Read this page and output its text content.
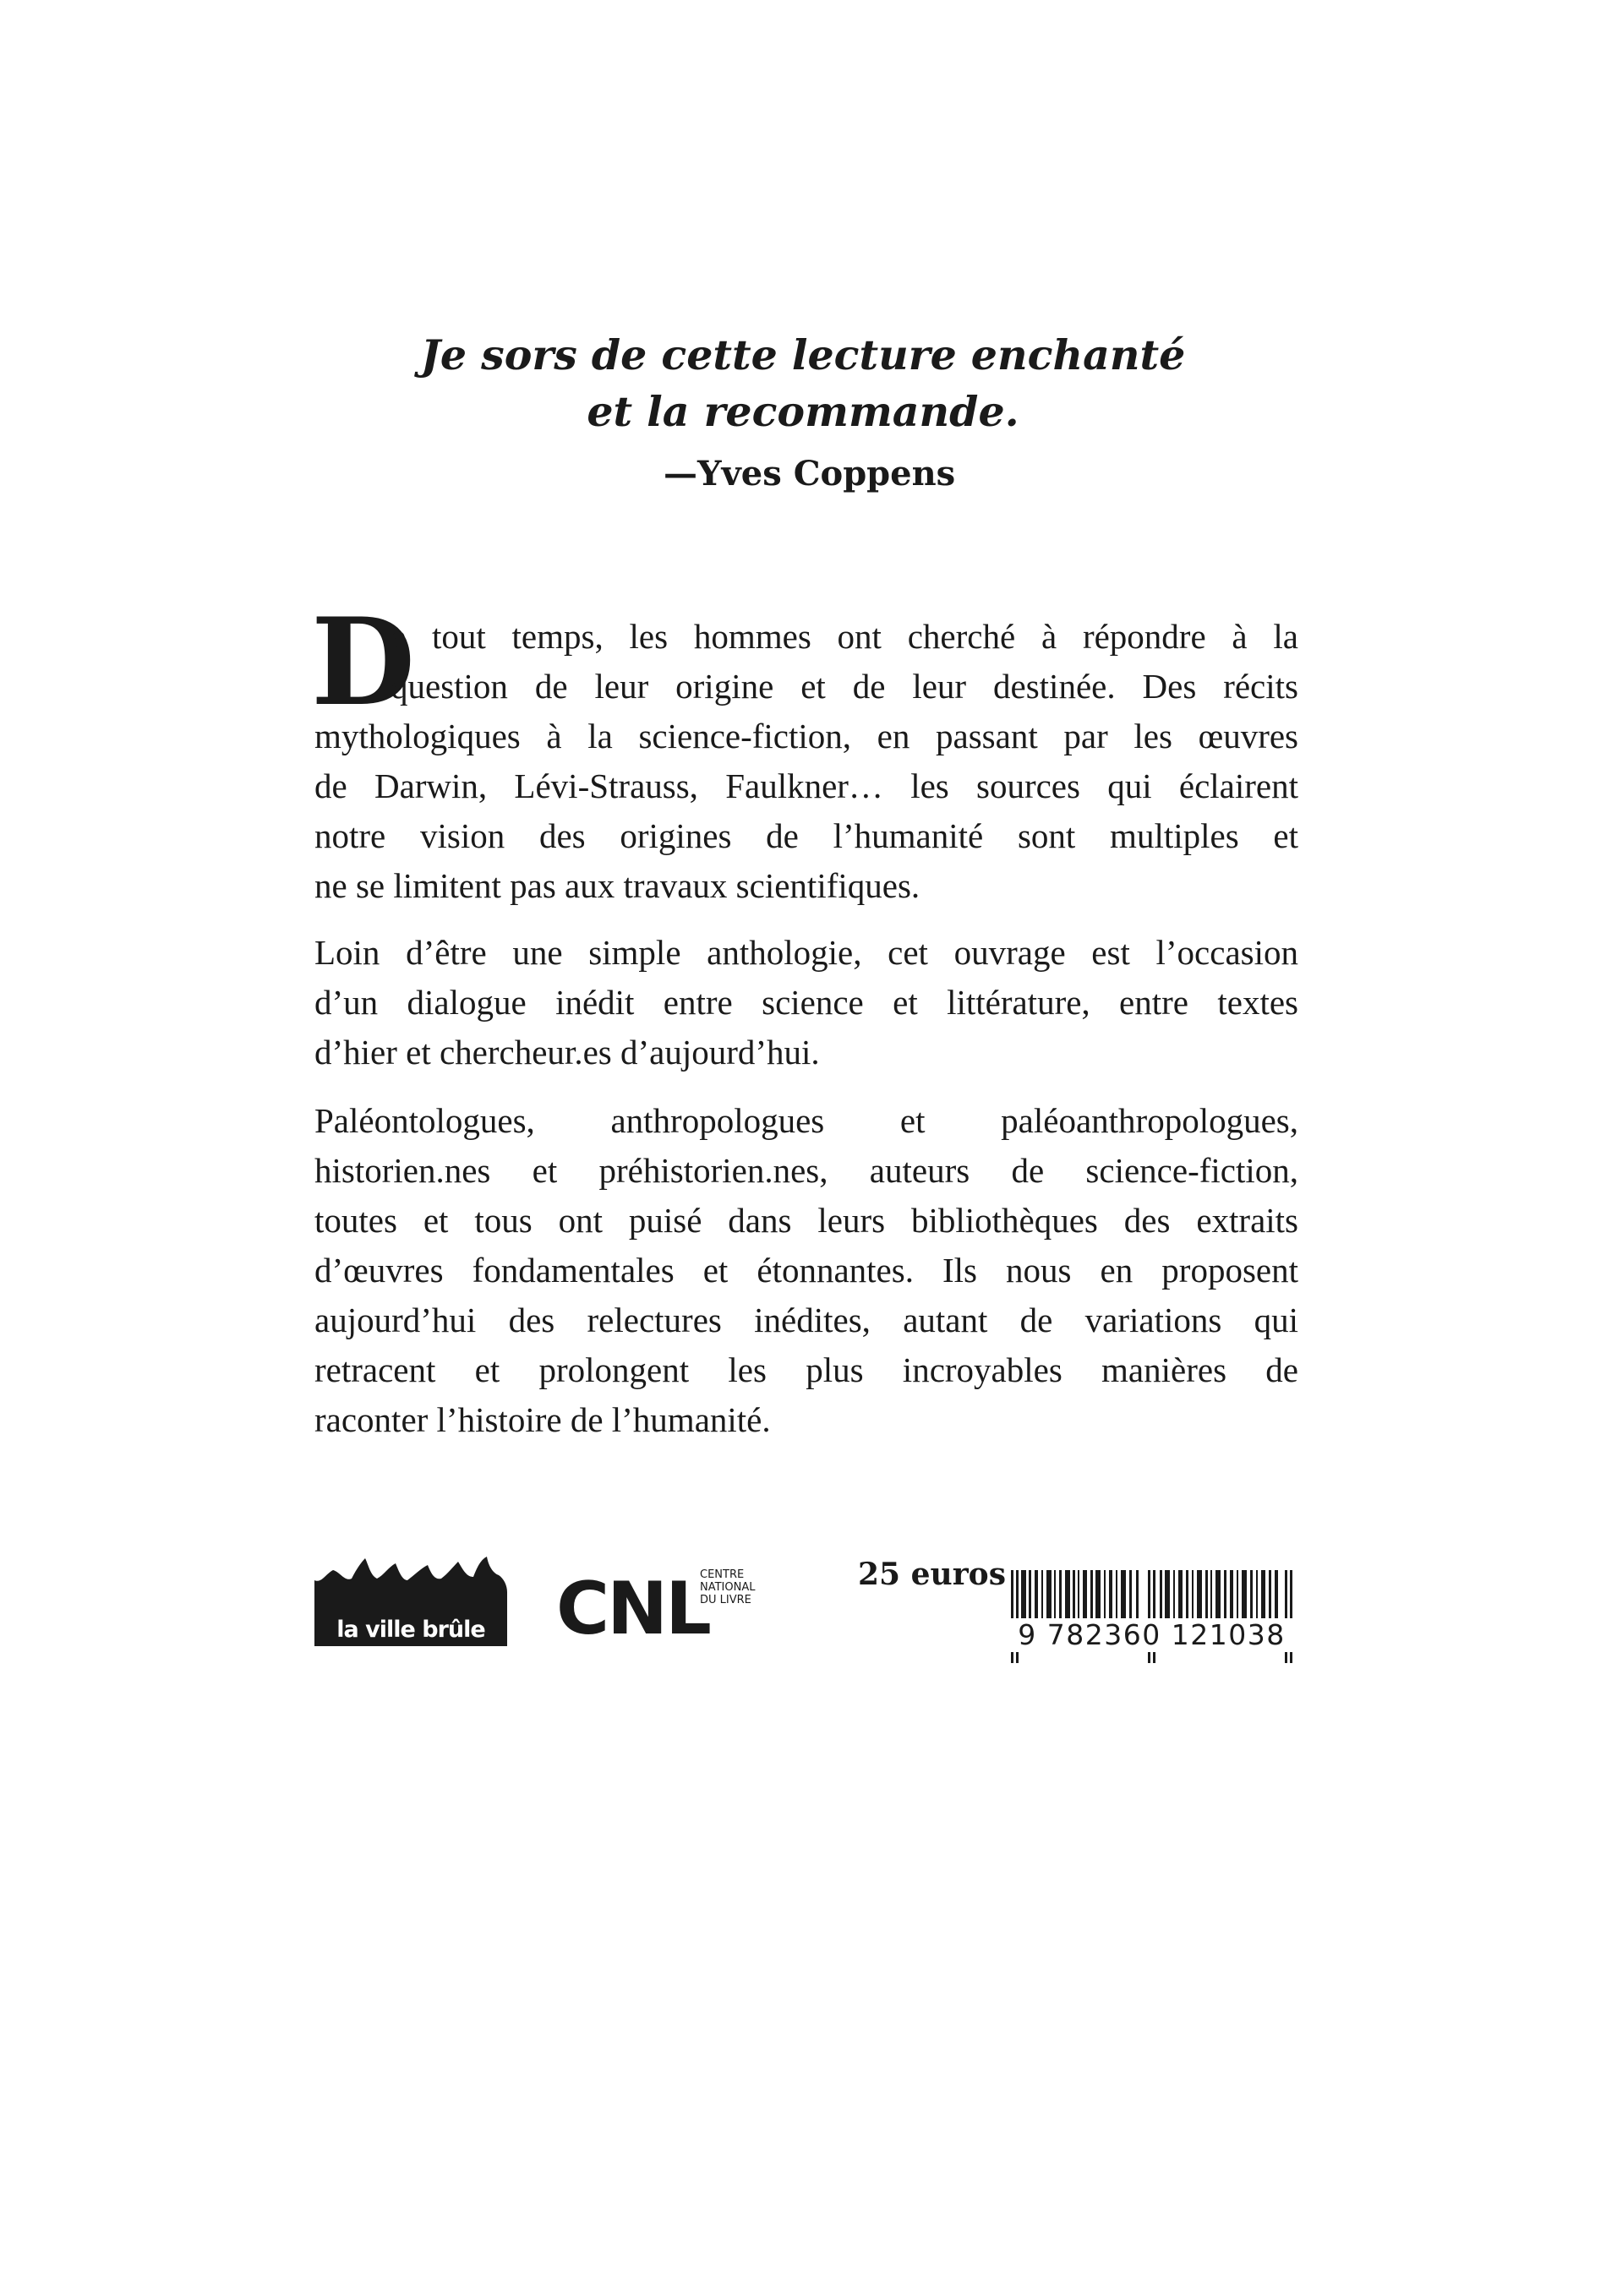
Je sors de cette lecture enchanté
et la recommande.
—Yves Coppens
D
e tout temps, les hommes ont cherché à répondre à la
question de leur origine et de leur destinée. Des récits
mythologiques à la science-fiction, en passant par les œuvres
de Darwin, Lévi-Strauss, Faulkner… les sources qui éclairent
notre vision des origines de l’humanité sont multiples et
ne se limitent pas aux travaux scientifiques.
Loin d’être une simple anthologie, cet ouvrage est l’occasion
d’un dialogue inédit entre science et littérature, entre textes
d’hier et chercheur.es d’aujourd’hui.
Paléontologues, anthropologues et paléoanthropologues,
historien.nes et préhistorien.nes, auteurs de science-fiction,
toutes et tous ont puisé dans leurs bibliothèques des extraits
d’œuvres fondamentales et étonnantes. Ils nous en proposent
aujourd’hui des relectures inédites, autant de variations qui
retracent et prolongent les plus incroyables manières de
raconter l’histoire de l’humanité.
la ville brûle CNL
CENTRE
NATIONAL
DU LIVRE
25 euros
9 782360 121038
